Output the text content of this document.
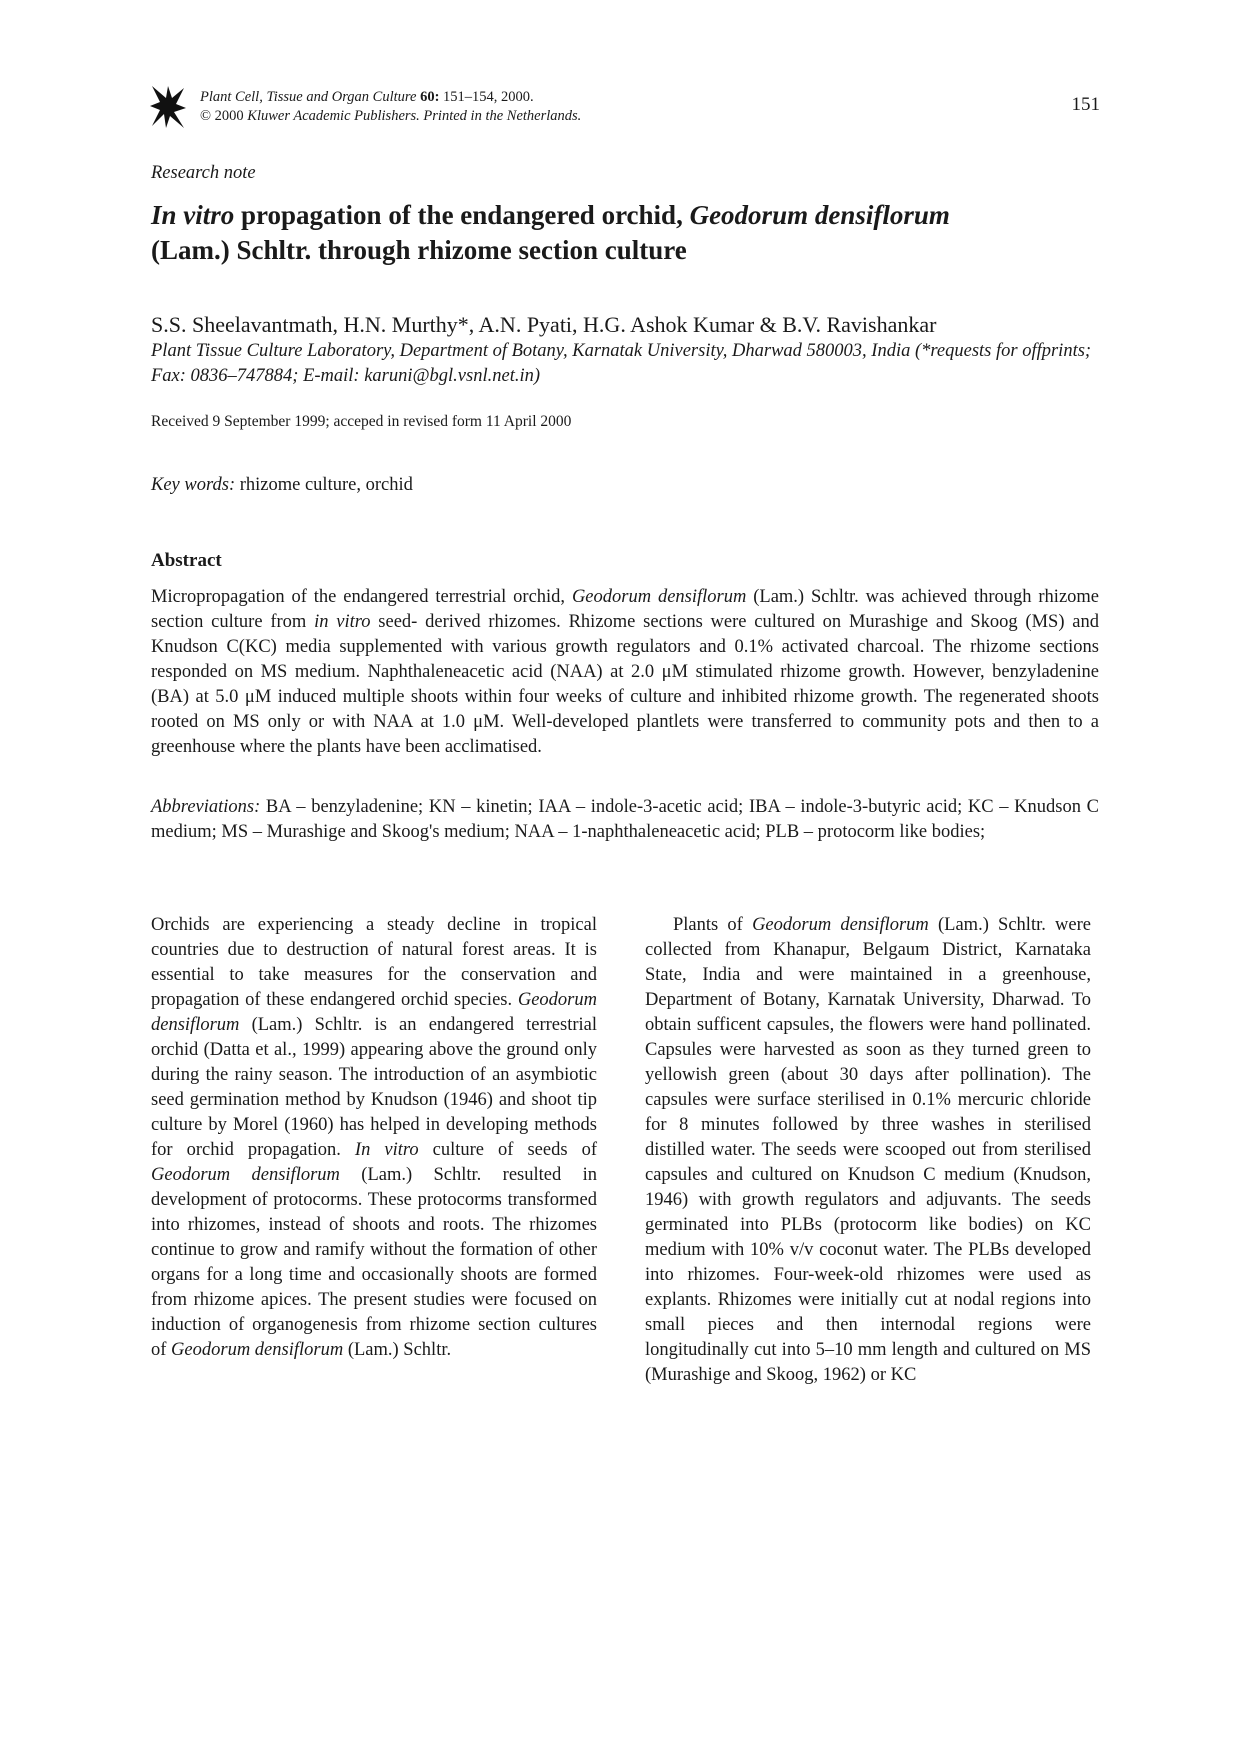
Plant Cell, Tissue and Organ Culture 60: 151–154, 2000.
© 2000 Kluwer Academic Publishers. Printed in the Netherlands.
151
Research note
In vitro propagation of the endangered orchid, Geodorum densiflorum
(Lam.) Schltr. through rhizome section culture
S.S. Sheelavantmath, H.N. Murthy*, A.N. Pyati, H.G. Ashok Kumar & B.V. Ravishankar
Plant Tissue Culture Laboratory, Department of Botany, Karnatak University, Dharwad 580003, India (*requests for offprints; Fax: 0836–747884; E-mail: karuni@bgl.vsnl.net.in)
Received 9 September 1999; acceped in revised form 11 April 2000
Key words: rhizome culture, orchid
Abstract
Micropropagation of the endangered terrestrial orchid, Geodorum densiflorum (Lam.) Schltr. was achieved through rhizome section culture from in vitro seed- derived rhizomes. Rhizome sections were cultured on Murashige and Skoog (MS) and Knudson C(KC) media supplemented with various growth regulators and 0.1% activated charcoal. The rhizome sections responded on MS medium. Naphthaleneacetic acid (NAA) at 2.0 μM stimulated rhizome growth. However, benzyladenine (BA) at 5.0 μM induced multiple shoots within four weeks of culture and inhibited rhizome growth. The regenerated shoots rooted on MS only or with NAA at 1.0 μM. Well-developed plantlets were transferred to community pots and then to a greenhouse where the plants have been acclimatised.
Abbreviations: BA – benzyladenine; KN – kinetin; IAA – indole-3-acetic acid; IBA – indole-3-butyric acid; KC – Knudson C medium; MS – Murashige and Skoog's medium; NAA – 1-naphthaleneacetic acid; PLB – protocorm like bodies;
Orchids are experiencing a steady decline in tropical countries due to destruction of natural forest areas. It is essential to take measures for the conservation and propagation of these endangered orchid species. Geodorum densiflorum (Lam.) Schltr. is an endangered terrestrial orchid (Datta et al., 1999) appearing above the ground only during the rainy season. The introduction of an asymbiotic seed germination method by Knudson (1946) and shoot tip culture by Morel (1960) has helped in developing methods for orchid propagation. In vitro culture of seeds of Geodorum densiflorum (Lam.) Schltr. resulted in development of protocorms. These protocorms transformed into rhizomes, instead of shoots and roots. The rhizomes continue to grow and ramify without the formation of other organs for a long time and occasionally shoots are formed from rhizome apices. The present studies were focused on induction of organogenesis from rhizome section cultures of Geodorum densiflorum (Lam.) Schltr.
Plants of Geodorum densiflorum (Lam.) Schltr. were collected from Khanapur, Belgaum District, Karnataka State, India and were maintained in a greenhouse, Department of Botany, Karnatak University, Dharwad. To obtain sufficent capsules, the flowers were hand pollinated. Capsules were harvested as soon as they turned green to yellowish green (about 30 days after pollination). The capsules were surface sterilised in 0.1% mercuric chloride for 8 minutes followed by three washes in sterilised distilled water. The seeds were scooped out from sterilised capsules and cultured on Knudson C medium (Knudson, 1946) with growth regulators and adjuvants. The seeds germinated into PLBs (protocorm like bodies) on KC medium with 10% v/v coconut water. The PLBs developed into rhizomes. Four-week-old rhizomes were used as explants. Rhizomes were initially cut at nodal regions into small pieces and then internodal regions were longitudinally cut into 5–10 mm length and cultured on MS (Murashige and Skoog, 1962) or KC
